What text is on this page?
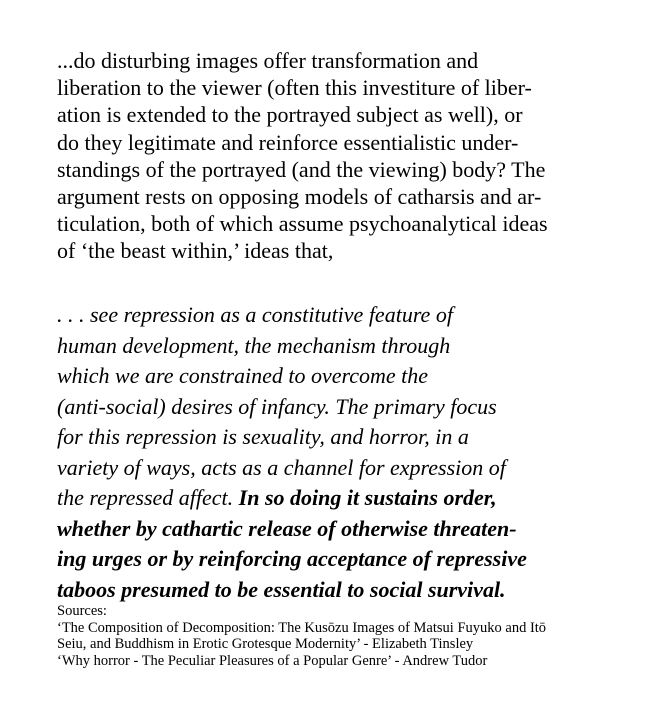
...do disturbing images offer transformation and
liberation to the viewer (often this investiture of liber-
ation is extended to the portrayed subject as well), or
do they legitimate and reinforce essentialistic under-
standings of the portrayed (and the viewing) body? The
argument rests on opposing models of catharsis and ar-
ticulation, both of which assume psychoanalytical ideas
of ‘the beast within,’ ideas that,
. . . see repression as a constitutive feature of
human development, the mechanism through
which we are constrained to overcome the
(anti-social) desires of infancy. The primary focus
for this repression is sexuality, and horror, in a
variety of ways, acts as a channel for expression of
the repressed affect. In so doing it sustains order,
whether by cathartic release of otherwise threaten-
ing urges or by reinforcing acceptance of repressive
taboos presumed to be essential to social survival.
Sources:
‘The Composition of Decomposition: The Kusōzu Images of Matsui Fuyuko and Itō
Seiu, and Buddhism in Erotic Grotesque Modernity’ - Elizabeth Tinsley
‘Why horror - The Peculiar Pleasures of a Popular Genre’ - Andrew Tudor
